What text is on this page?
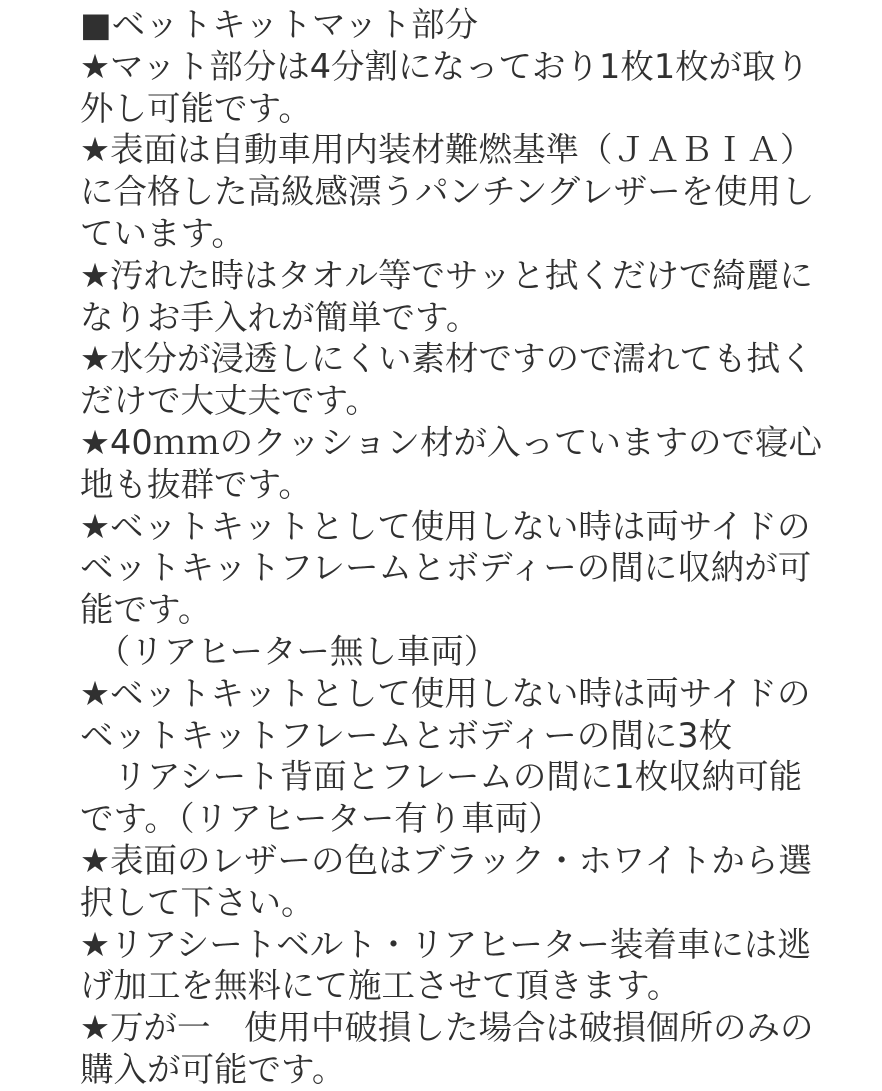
■ベットキットマット部分
★マット部分は4分割になっており1枚1枚が取り
外し可能です。
★表面は自動車用内装材難燃基準（ＪＡＢＩＡ）
に合格した高級感漂うパンチングレザーを使用し
ています。
★汚れた時はタオル等でサッと拭くだけで綺麗に
なりお手入れが簡単です。
★水分が浸透しにくい素材ですので濡れても拭く
だけで大丈夫です。
★40ｍｍのクッション材が入っていますので寝心
地も抜群です。
★ベットキットとして使用しない時は両サイドの
ベットキットフレームとボディーの間に収納が可
能です。
　（リアヒーター無し車両）
★ベットキットとして使用しない時は両サイドの
ベットキットフレームとボディーの間に3枚
　リアシート背面とフレームの間に1枚収納可能
です。（リアヒーター有り車両）
★表面のレザーの色はブラック・ホワイトから選
択して下さい。
★リアシートベルト・リアヒーター装着車には逃
げ加工を無料にて施工させて頂きます。
★万が一　使用中破損した場合は破損個所のみの
購入が可能です。
